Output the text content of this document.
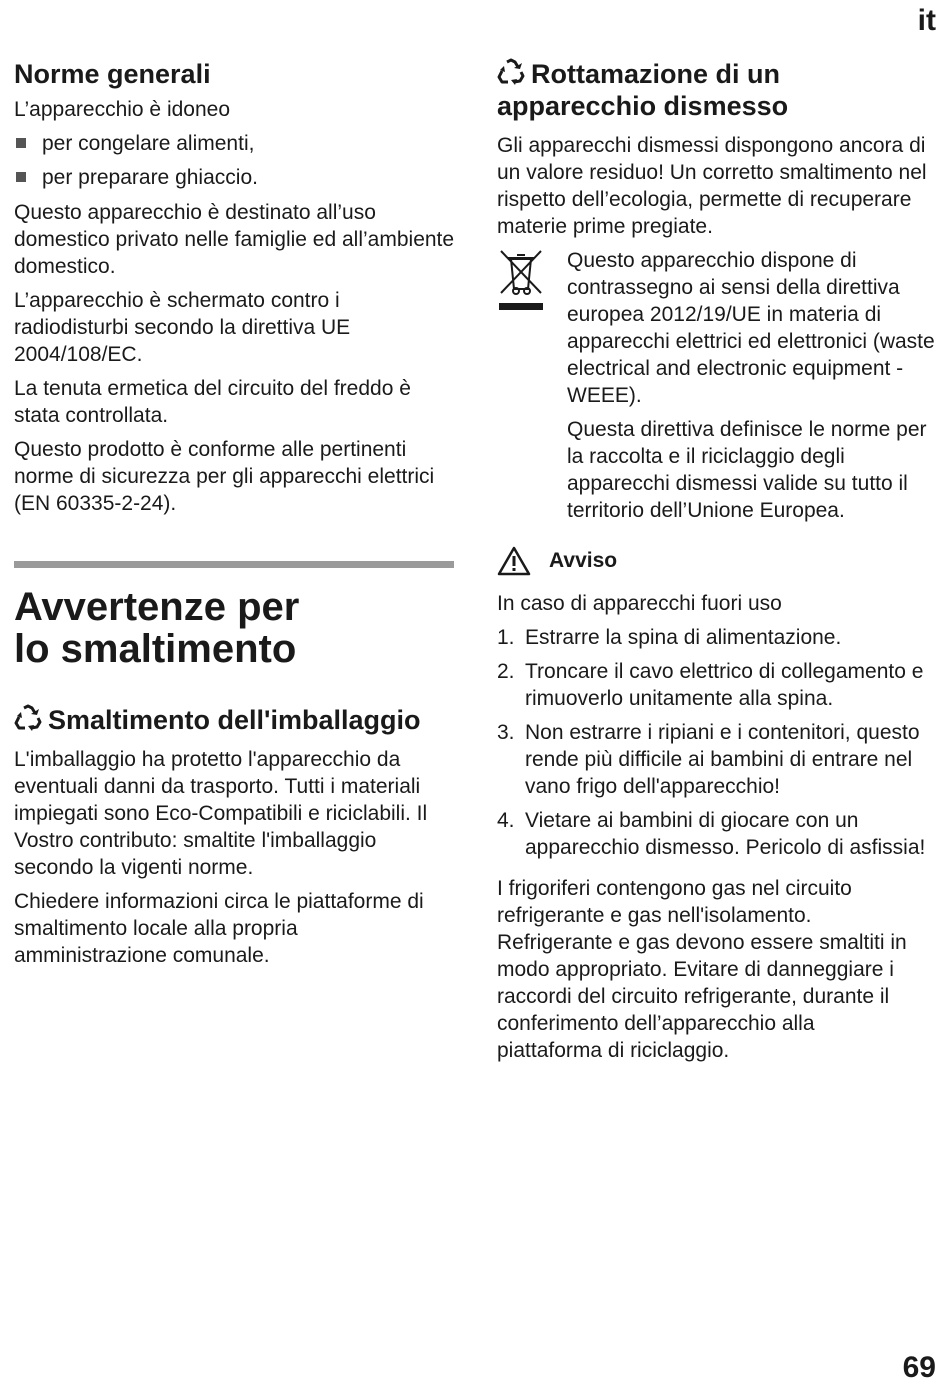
it
Norme generali

L’apparecchio è idoneo

per congelare alimenti,
per preparare ghiaccio.

Questo apparecchio è destinato all’uso domestico privato nelle famiglie ed all’ambiente domestico.

L’apparecchio è schermato contro i radiodisturbi secondo la direttiva UE 2004/108/EC.

La tenuta ermetica del circuito del freddo è stata controllata.

Questo prodotto è conforme alle pertinenti norme di sicurezza per gli apparecchi elettrici (EN 60335-2-24).

Avvertenze per lo smaltimento
Smaltimento dell'imballaggio

L'imballaggio ha protetto l'apparecchio da eventuali danni da trasporto. Tutti i materiali impiegati sono Eco-Compatibili e riciclabili. Il Vostro contributo: smaltite l'imballaggio secondo la vigenti norme.

Chiedere informazioni circa le piattaforme di smaltimento locale alla propria amministrazione comunale.

Rottamazione di un apparecchio dismesso

Gli apparecchi dismessi dispongono ancora di un valore residuo! Un corretto smaltimento nel rispetto dell’ecologia, permette di recuperare materie prime pregiate.

Questo apparecchio dispone di contrassegno ai sensi della direttiva europea 2012/19/UE in materia di apparecchi elettrici ed elettronici (waste electrical and electronic equipment - WEEE).

Questa direttiva definisce le norme per la raccolta e il riciclaggio degli apparecchi dismessi valide su tutto il territorio dell’Unione Europea.

Avviso

In caso di apparecchi fuori uso

1. Estrarre la spina di alimentazione.
2. Troncare il cavo elettrico di collegamento e rimuoverlo unitamente alla spina.
3. Non estrarre i ripiani e i contenitori, questo rende più difficile ai bambini di entrare nel vano frigo dell'apparecchio!
4. Vietare ai bambini di giocare con un apparecchio dismesso. Pericolo di asfissia!

I frigoriferi contengono gas nel circuito refrigerante e gas nell'isolamento. Refrigerante e gas devono essere smaltiti in modo appropriato. Evitare di danneggiare i raccordi del circuito refrigerante, durante il conferimento dell’apparecchio alla piattaforma di riciclaggio.

69
